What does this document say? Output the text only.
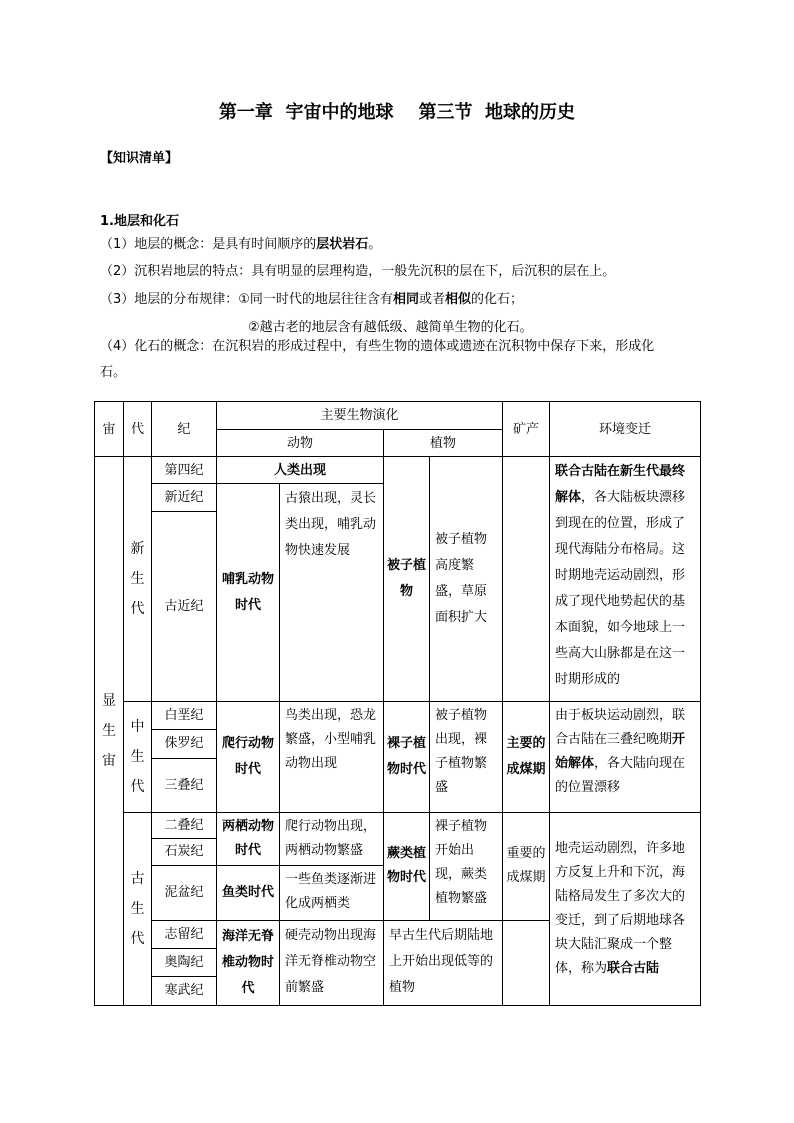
第一章  宇宙中的地球    第三节  地球的历史
【知识清单】
1.地层和化石
（1）地层的概念：是具有时间顺序的层状岩石。
（2）沉积岩地层的特点：具有明显的层理构造，一般先沉积的层在下，后沉积的层在上。
（3）地层的分布规律：①同一时代的地层往往含有相同或者相似的化石；
②越古老的地层含有越低级、越简单生物的化石。
（4）化石的概念：在沉积岩的形成过程中，有些生物的遗体或遗迹在沉积物中保存下来，形成化
石。
宙	代	纪	主要生物演化				矿产	环境变迁
			动物		植物			

显生宙	新生代	第四纪	人类出现		被子植物	被子植物高度繁盛，草原面积扩大		联合古陆在新生代最终解体，各大陆板块漂移到现在的位置，形成了现代海陆分布格局。这时期地壳运动剧烈，形成了现代地势起伏的基本面貌，如今地球上一些高大山脉都是在这一时期形成的
		新近纪	哺乳动物时代	古猿出现，灵长类出现，哺乳动物快速发展				
		古近纪						

	中生代	白垩纪	爬行动物时代	鸟类出现，恐龙繁盛，小型哺乳动物出现	裸子植物时代	被子植物出现，裸子植物繁盛	主要的成煤期	由于板块运动剧烈，联合古陆在三叠纪晚期开始解体，各大陆向现在的位置漂移
		侏罗纪						
		三叠纪						

	古生代	二叠纪	两栖动物时代	爬行动物出现，两栖动物繁盛	蕨类植物时代	裸子植物开始出现，蕨类植物繁盛	重要的成煤期	地壳运动剧烈，许多地方反复上升和下沉，海陆格局发生了多次大的变迁，到了后期地球各块大陆汇聚成一个整体，称为联合古陆
		石炭纪						
		泥盆纪	鱼类时代	一些鱼类逐渐进化成两栖类				
		志留纪	海洋无脊椎动物时代	硬壳动物出现海洋无脊椎动物空前繁盛	早古生代后期陆地上开始出现低等的植物			
		奥陶纪						
		寒武纪						
